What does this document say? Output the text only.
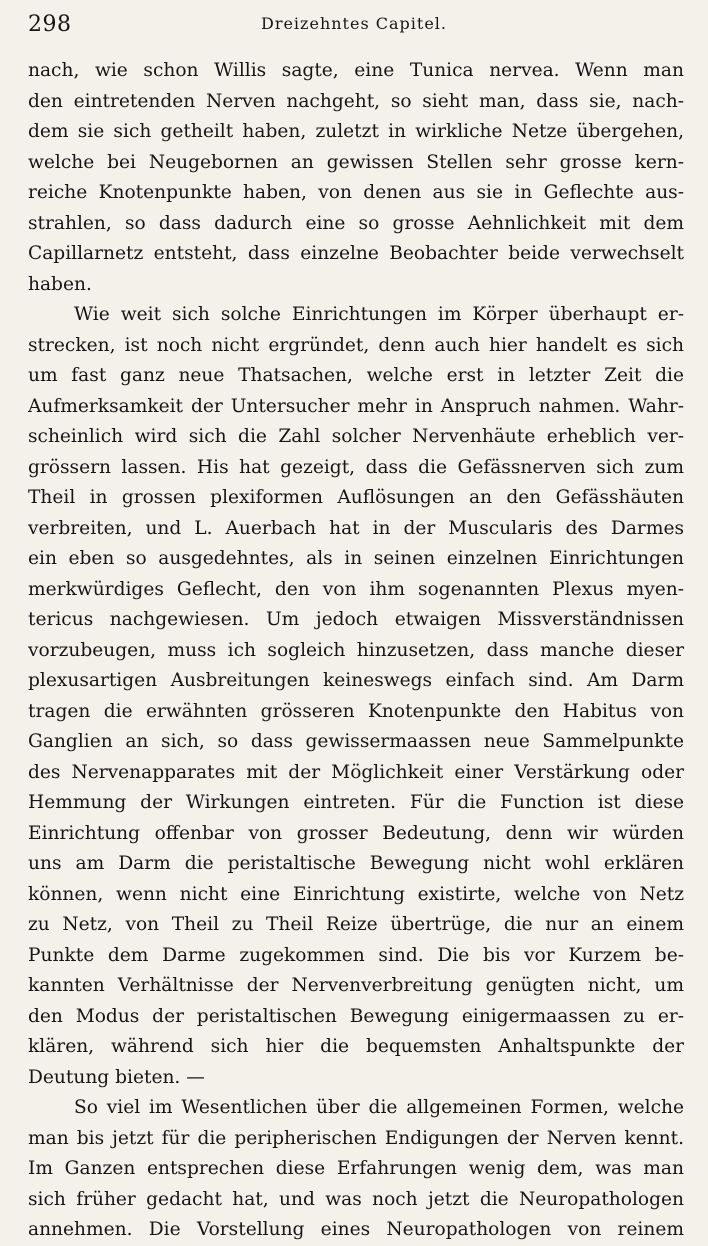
298	Dreizehntes Capitel.
nach, wie schon Willis sagte, eine Tunica nervea. Wenn man
den eintretenden Nerven nachgeht, so sieht man, dass sie, nach-
dem sie sich getheilt haben, zuletzt in wirkliche Netze übergehen,
welche bei Neugebornen an gewissen Stellen sehr grosse kern-
reiche Knotenpunkte haben, von denen aus sie in Geflechte aus-
strahlen, so dass dadurch eine so grosse Aehnlichkeit mit dem
Capillarnetz entsteht, dass einzelne Beobachter beide verwechselt
haben.
Wie weit sich solche Einrichtungen im Körper überhaupt er-
strecken, ist noch nicht ergründet, denn auch hier handelt es sich
um fast ganz neue Thatsachen, welche erst in letzter Zeit die
Aufmerksamkeit der Untersucher mehr in Anspruch nahmen. Wahr-
scheinlich wird sich die Zahl solcher Nervenhäute erheblich ver-
grössern lassen. His hat gezeigt, dass die Gefässnerven sich zum
Theil in grossen plexiformen Auflösungen an den Gefässhäuten
verbreiten, und L. Auerbach hat in der Muscularis des Darmes
ein eben so ausgedehntes, als in seinen einzelnen Einrichtungen
merkwürdiges Geflecht, den von ihm sogenannten Plexus myen-
tericus nachgewiesen. Um jedoch etwaigen Missverständnissen
vorzubeugen, muss ich sogleich hinzusetzen, dass manche dieser
plexusartigen Ausbreitungen keineswegs einfach sind. Am Darm
tragen die erwähnten grösseren Knotenpunkte den Habitus von
Ganglien an sich, so dass gewissermaassen neue Sammelpunkte
des Nervenapparates mit der Möglichkeit einer Verstärkung oder
Hemmung der Wirkungen eintreten. Für die Function ist diese
Einrichtung offenbar von grosser Bedeutung, denn wir würden
uns am Darm die peristaltische Bewegung nicht wohl erklären
können, wenn nicht eine Einrichtung existirte, welche von Netz
zu Netz, von Theil zu Theil Reize übertrüge, die nur an einem
Punkte dem Darme zugekommen sind. Die bis vor Kurzem be-
kannten Verhältnisse der Nervenverbreitung genügten nicht, um
den Modus der peristaltischen Bewegung einigermaassen zu er-
klären, während sich hier die bequemsten Anhaltspunkte der
Deutung bieten. —
So viel im Wesentlichen über die allgemeinen Formen, welche
man bis jetzt für die peripherischen Endigungen der Nerven kennt.
Im Ganzen entsprechen diese Erfahrungen wenig dem, was man
sich früher gedacht hat, und was noch jetzt die Neuropathologen
annehmen. Die Vorstellung eines Neuropathologen von reinem
